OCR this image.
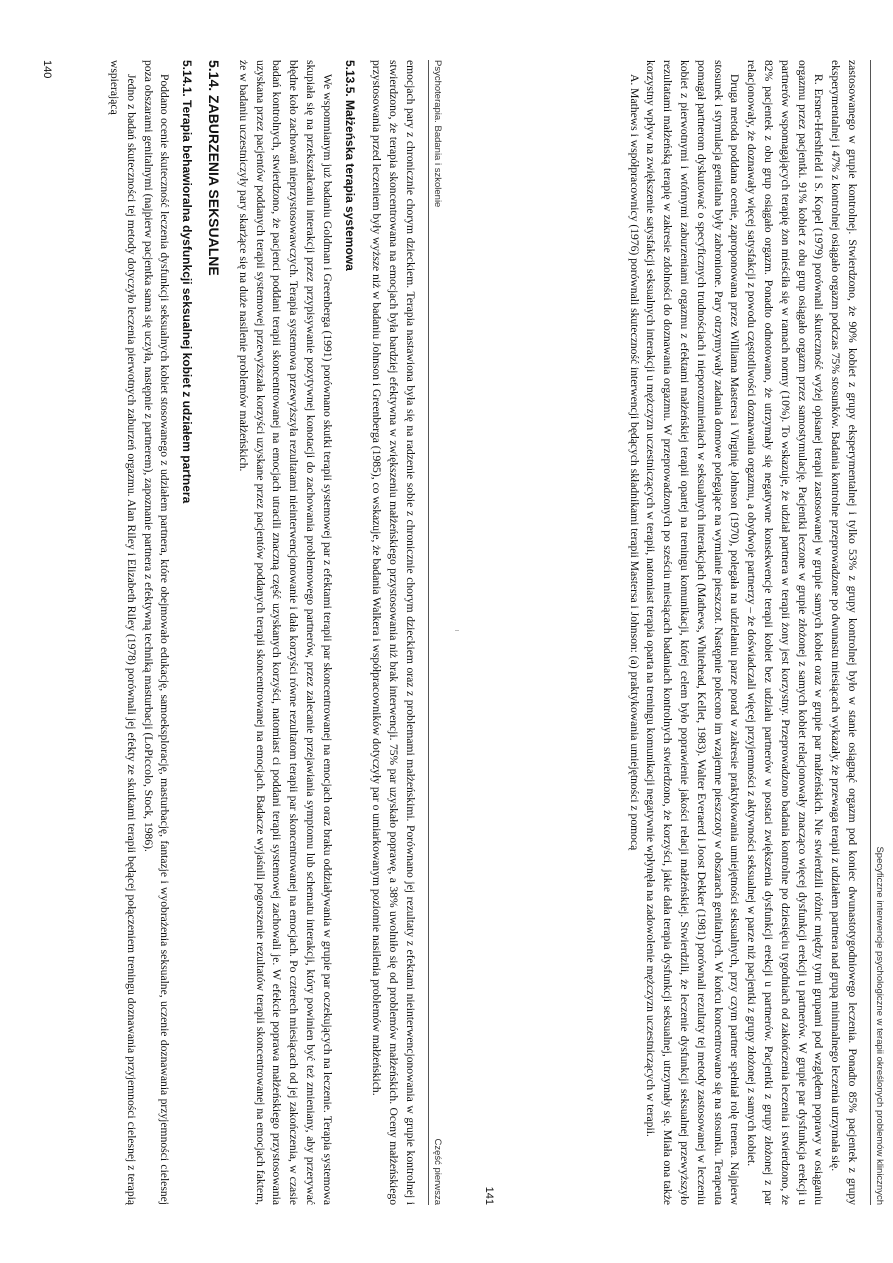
Psychoterapia. Badania i szkolenie
Część pierwsza

emocjach pary z chronicznie chorym dzieckiem. Terapia nastawiona była się na radzenie sobie z chronicznie chorym dzieckiem oraz z problemami małżeńskimi. Porównano jej rezultaty z efektami nieinterwencjonowania w grupie kontrolnej i stwierdzono, że terapia skoncentrowana na emocjach była bardziej efektywna w zwiększeniu małżeńskiego przystosowania niż brak interwencji. 75% par uzyskało poprawę, a 38% uwolniło się od problemów małżeńskich. Oceny małżeńskiego przystosowania przed leczeniem były wyższe niż w badaniu Johnson i Greenberga (1985), co wskazuje, że badania Walkera i współpracowników dotyczyły par o umiarkowanym poziomie nasilenia problemów małżeńskich.

5.13.5. Małżeńska terapia systemowa

We wspomnianym już badaniu Goldman i Greenberga (1991) porównano skutki terapii systemowej par z efektami terapii par skoncentrowanej na emocjach oraz braku oddziaływania w grupie par oczekujących na leczenie. Terapia systemowa skupiała się na przekształcaniu interakcji przez przypisywanie pozytywnej konotacji do zachowania problemowego partnerów, przez zalecanie przejawiania symptomu lub schematu interakcji, który powinien być też zmieniany, aby przerywać błędne koło zachowań nieprzystosowawczych. Terapia systemowa przewyższyła rezultatami nieinterwencjonowanie i dała korzyści równe rezultatom terapii par skoncentrowanej na emocjach. Po czterech miesiącach od jej zakończenia, w czasie badań kontrolnych, stwierdzono, że pacjenci poddani terapii skoncentrowanej na emocjach utracili znaczną część uzyskanych korzyści, natomiast ci poddani terapii systemowej zachowali je. W efekcie poprawa małżeńskiego przystosowania uzyskana przez pacjentów poddanych terapii systemowej przewyższała korzyści uzyskane przez pacjentów poddanych terapii skoncentrowanej na emocjach. Badacze wyjaśnili pogorszenie rezultatów terapii skoncentrowanej na emocjach faktem, że w badaniu uczestniczyły pary skarżące się na duże nasilenie problemów małżeńskich.

5.14. ZABURZENIA SEKSUALNE
5.14.1. Terapia behawioralna dysfunkcji seksualnej kobiet z udziałem partnera

Poddano ocenie skuteczność leczenia dysfunkcji seksualnych kobiet stosowanego z udziałem partnera, które obejmowało edukację, samoeksplorację, masturbację, fantazje i wyobrażenia seksualne, uczenie doznawania przyjemności cielesnej poza obszarami genitalnymi (najpierw pacjentka sama się uczyła, następnie z partnerem), zapoznanie partnera z efektywną techniką masturbacji (LoPiccolo, Stock, 1986).

Jedno z badań skuteczności tej metody dotyczyło leczenia pierwotnych zaburzeń orgazmu. Alan Riley i Elizabeth Riley (1978) porównali jej efekty ze skutkami terapii będącej połączeniem treningu doznawania przyjemności cielesnej z terapią wspierającą

140
Specyficzne interwencje psychologiczne w terapii określonych problemów klinicznych

zastosowanego w grupie kontrolnej. Stwierdzono, że 90% kobiet z grupy eksperymentalnej i tylko 53% z grupy kontrolnej było w stanie osiągnąć orgazm pod koniec dwunastotygodniowego leczenia. Ponadto 85% pacjentek z grupy eksperymentalnej i 47% z kontrolnej osiągało orgazm podczas 75% stosunków. Badania kontrolne przeprowadzone po dwunastu miesiącach wykazały, że przewaga terapii z udziałem partnera nad grupą minimalnego leczenia utrzymała się.

R. Ersner-Hershfield i S. Kopel (1979) porównali skuteczność wyżej opisanej terapii zastosowanej w grupie samych kobiet oraz w grupie par małżeńskich. Nie stwierdzili różnic między tymi grupami pod względem poprawy w osiąganiu orgazmu przez pacjentki. 91% kobiet z obu grup osiągało orgazm przez samostymulację. Pacjentki leczone w grupie złożonej z samych kobiet relacjonowały znacząco więcej dysfunkcji erekcji u partnerów. W grupie par dysfunkcja erekcji u partnerów wspomagających terapię żon mieściła się w ramach normy (10%). To wskazuje, że udział partnera w terapii żony jest korzystny. Przeprowadzono badania kontrolne po dziesięciu tygodniach od zakończenia leczenia i stwierdzono, że 82% pacjentek z obu grup osiągało orgazm. Ponadto odnotowano, że utrzymały się negatywne konsekwencje terapii kobiet bez udziału partnerów w postaci zwiększenia dysfunkcji erekcji u partnerów. Pacjentki z grupy złożonej z par relacjonowały, że doznawały więcej satysfakcji z powodu częstotliwości doznawania orgazmu, a obydwoje partnerzy – że doświadczali więcej przyjemności z aktywności seksualnej w parze niż pacjentki z grupy złożonej z samych kobiet.

Druga metoda poddana ocenie, zaproponowana przez Williama Mastersa i Virginię Johnson (1970), polegała na udzielaniu parze porad w zakresie praktykowania umiejętności seksualnych, przy czym partner spełniał rolę trenera. Najpierw stosunek i stymulacja genitalna były zabronione. Pary otrzymywały zadania domowe polegające na wymianie pieszczot. Następnie polecono im wzajemne pieszczoty w obszarach genitalnych. W końcu koncentrowano się na stosunku. Terapeuta pomagał partnerom dyskutować o specyficznych trudnościach i nieporozumieniach w seksualnych interakcjach (Mathews, Whitehead, Kellet, 1983). Walter Everaerd i Joost Dekker (1981) porównali rezultaty tej metody zastosowanej w leczeniu kobiet z pierwotnymi i wtórnymi zaburzeniami orgazmu z efektami małżeńskiej terapii opartej na treningu komunikacji, której celem było poprawienie jakości relacji małżeńskiej. Stwierdzili, że leczenie dysfunkcji seksualnej przewyższyło rezultatami małżeńską terapię w zakresie zdolności do doznawania orgazmu. W przeprowadzonych po sześciu miesiącach badaniach kontrolnych stwierdzono, że korzyści, jakie dała terapia dysfunkcji seksualnej, utrzymały się. Miała ona także korzystny wpływ na zwiększenie satysfakcji seksualnych interakcji u mężczyzn uczestniczących w terapii, natomiast terapia oparta na treningu komunikacji negatywnie wpłynęła na zadowolenie mężczyzn uczestniczących w terapii.

A. Mathews i współpracownicy (1976) porównali skuteczność interwencji będących składnikami terapii Mastersa i Johnson: (a) praktykowania umiejętności z pomocą

141
